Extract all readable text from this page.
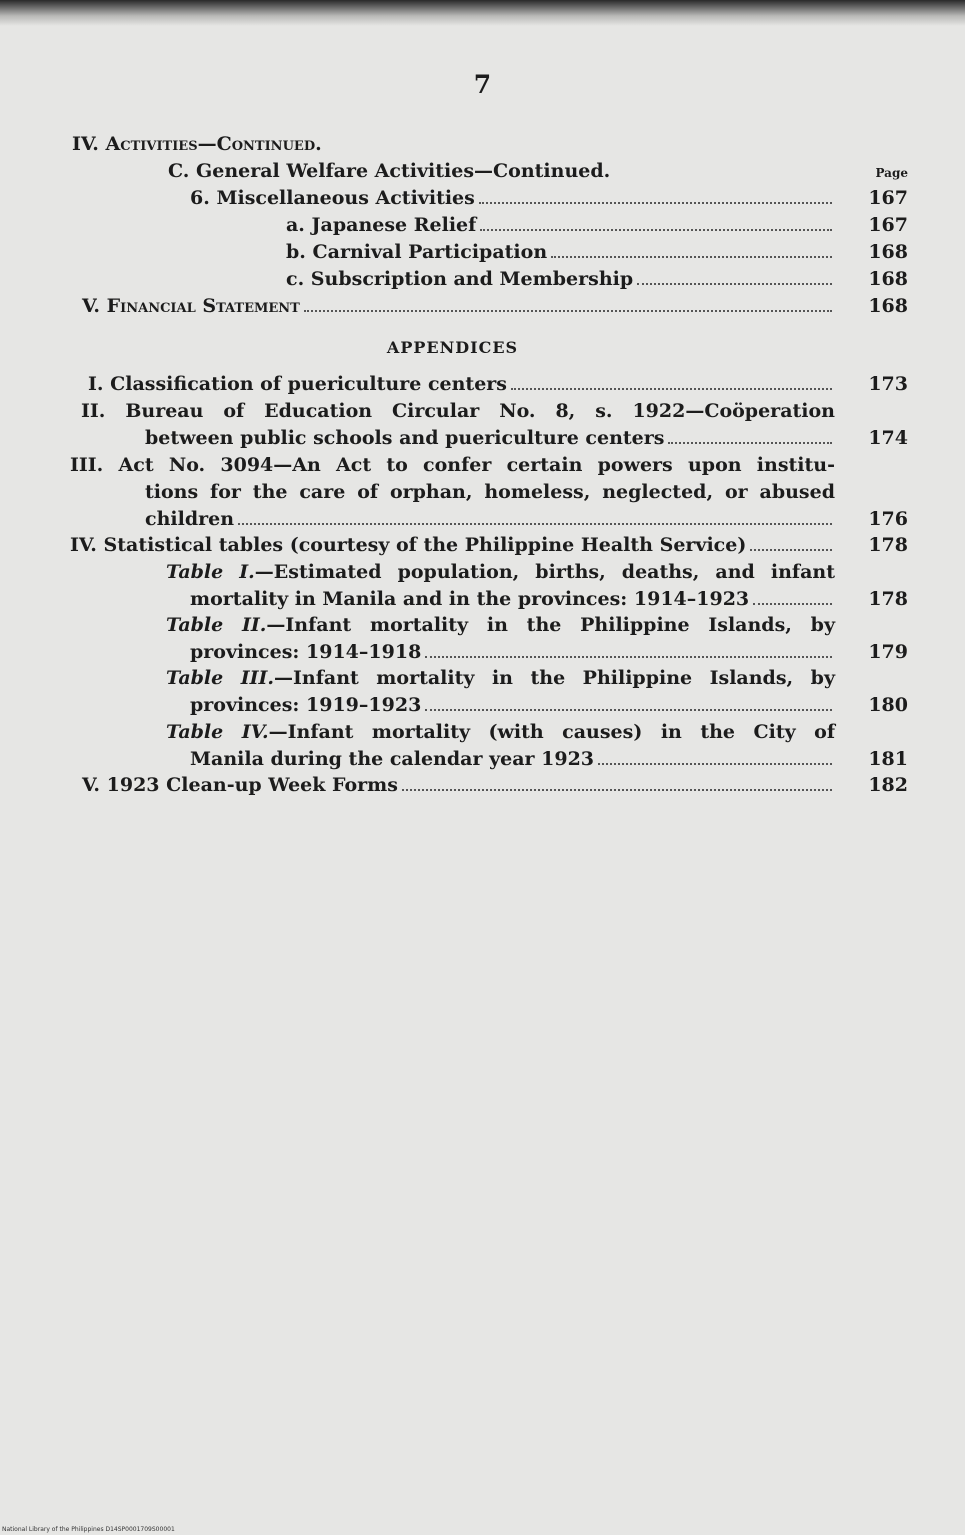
7
IV. Activities—Continued.
C. General Welfare Activities—Continued.	Page
6. Miscellaneous Activities	167
a. Japanese Relief	167
b. Carnival Participation	168
c. Subscription and Membership	168
V. Financial Statement	168
APPENDICES
I. Classification of puericulture centers	173
II. Bureau of Education Circular No. 8, s. 1922—Coöperation
between public schools and puericulture centers	174
III. Act No. 3094—An Act to confer certain powers upon institu-
tions for the care of orphan, homeless, neglected, or abused
children	176
IV. Statistical tables (courtesy of the Philippine Health Service)	178
Table I.—Estimated population, births, deaths, and infant
mortality in Manila and in the provinces: 1914–1923	178
Table II.—Infant mortality in the Philippine Islands, by
provinces: 1914–1918	179
Table III.—Infant mortality in the Philippine Islands, by
provinces: 1919–1923	180
Table IV.—Infant mortality (with causes) in the City of
Manila during the calendar year 1923	181
V. 1923 Clean-up Week Forms	182
National Library of the Philippines D14SP0001709S00001
